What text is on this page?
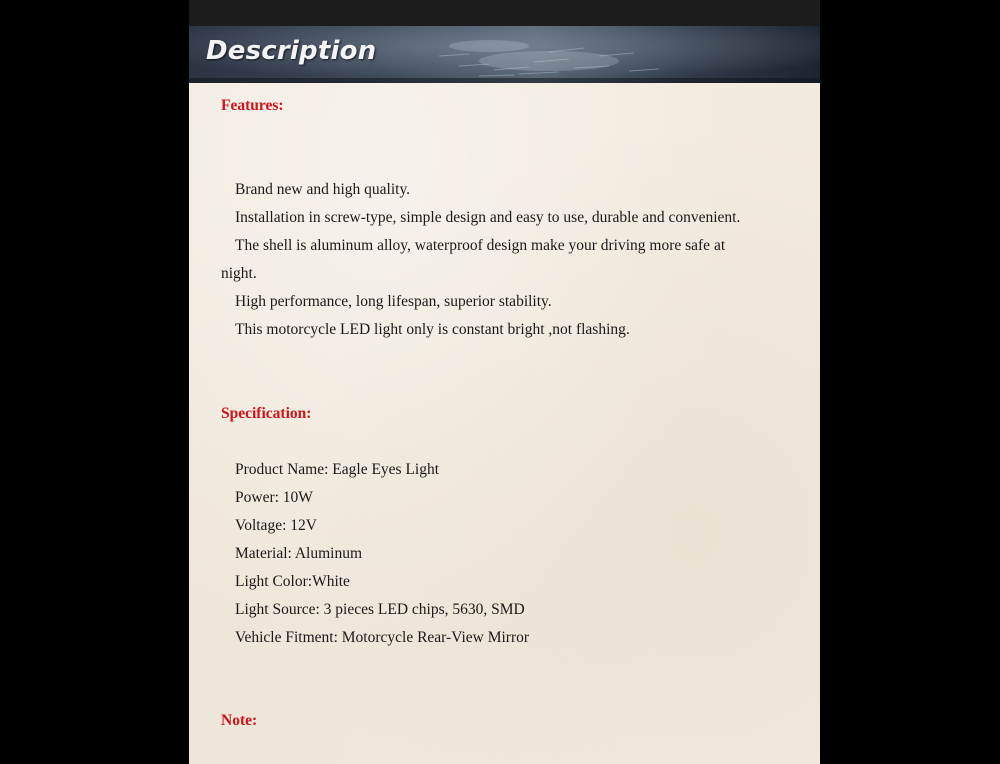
Description
Features:
Brand new and high quality.
Installation in screw-type, simple design and easy to use, durable and convenient.
The shell is aluminum alloy, waterproof design make your driving more safe at
night.
High performance, long lifespan, superior stability.
This motorcycle LED light only is constant bright ,not flashing.
Specification:
Product Name: Eagle Eyes Light
Power: 10W
Voltage: 12V
Material: Aluminum
Light Color:White
Light Source: 3 pieces LED chips, 5630, SMD
Vehicle Fitment: Motorcycle Rear-View Mirror
Note:
